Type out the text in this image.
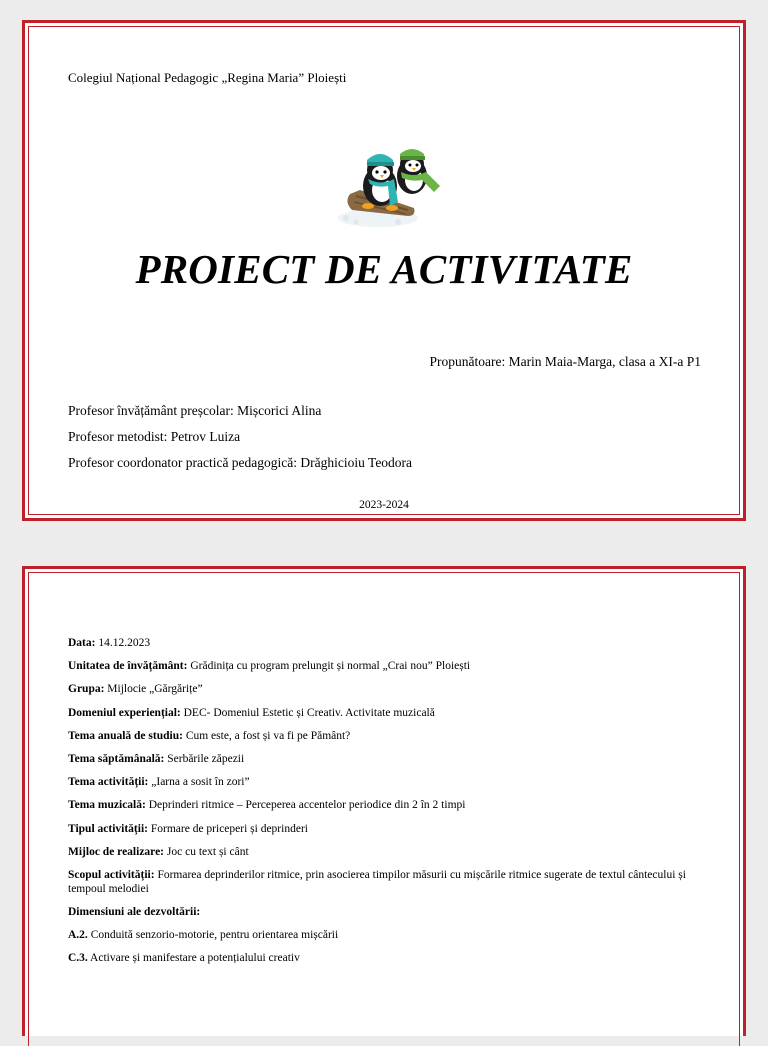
Colegiul Național Pedagogic „Regina Maria” Ploiești
PROIECT DE ACTIVITATE
Propunătoare: Marin Maia-Marga, clasa a XI-a P1
Profesor învățământ preșcolar: Mișcorici Alina
Profesor metodist: Petrov Luiza
Profesor coordonator practică pedagogică: Drăghicioiu Teodora
2023-2024
Data: 14.12.2023
Unitatea de învățământ: Grădinița cu program prelungit și normal „Crai nou” Ploiești
Grupa: Mijlocie „Gărgărițe”
Domeniul experiențial: DEC- Domeniul Estetic și Creativ. Activitate muzicală
Tema anuală de studiu: Cum este, a fost și va fi pe Pământ?
Tema săptămânală: Serbările zăpezii
Tema activității: „Iarna a sosit în zori”
Tema muzicală: Deprinderi ritmice – Perceperea accentelor periodice din 2 în 2 timpi
Tipul activității: Formare de priceperi și deprinderi
Mijloc de realizare: Joc cu text și cânt
Scopul activității: Formarea deprinderilor ritmice, prin asocierea timpilor măsurii cu mișcările ritmice sugerate de textul cântecului și tempoul melodiei
Dimensiuni ale dezvoltării:
A.2. Conduită senzorio-motorie, pentru orientarea mișcării
C.3. Activare și manifestare a potențialului creativ
